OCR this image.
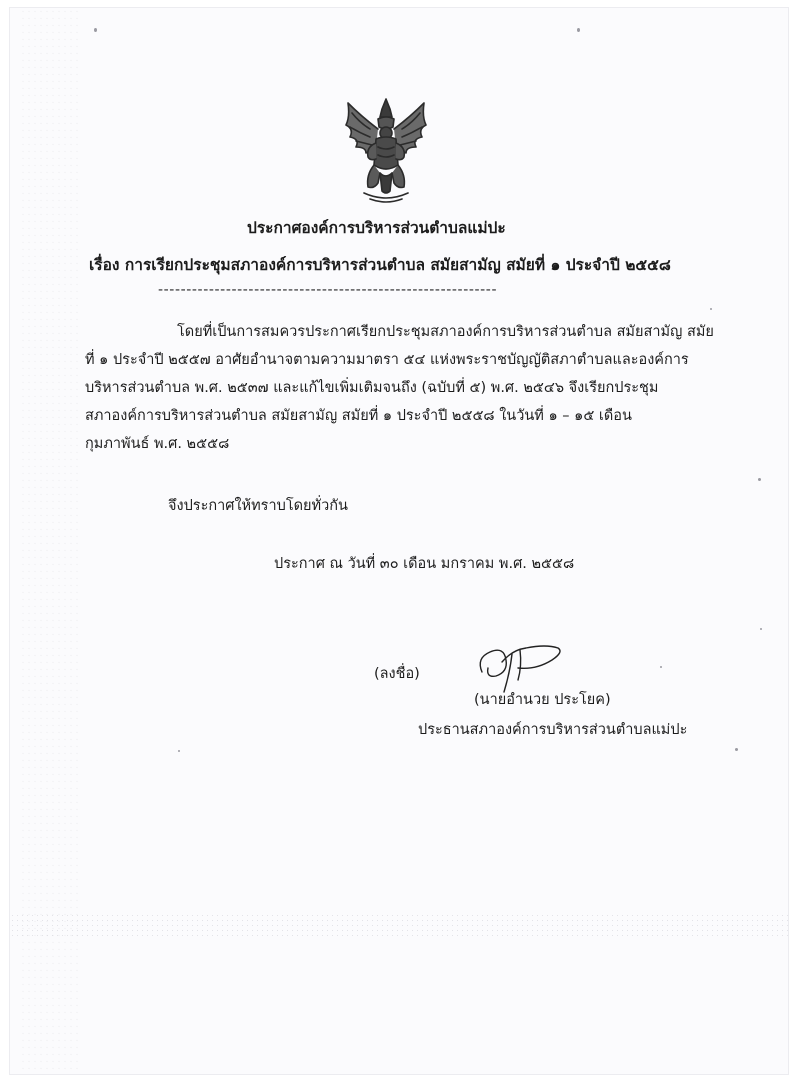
ประกาศองค์การบริหารส่วนตำบลแม่ปะ
เรื่อง การเรียกประชุมสภาองค์การบริหารส่วนตำบล สมัยสามัญ สมัยที่ ๑ ประจำปี ๒๕๕๘
------------------------------------------------------------
โดยที่เป็นการสมควรประกาศเรียกประชุมสภาองค์การบริหารส่วนตำบล สมัยสามัญ สมัย
ที่ ๑ ประจำปี ๒๕๕๗ อาศัยอำนาจตามความมาตรา ๕๔ แห่งพระราชบัญญัติสภาตำบลและองค์การ
บริหารส่วนตำบล พ.ศ. ๒๕๓๗ และแก้ไขเพิ่มเติมจนถึง (ฉบับที่ ๕) พ.ศ. ๒๕๔๖ จึงเรียกประชุม
สภาองค์การบริหารส่วนตำบล สมัยสามัญ สมัยที่ ๑ ประจำปี ๒๕๕๘ ในวันที่ ๑ – ๑๕ เดือน
กุมภาพันธ์ พ.ศ. ๒๕๕๘
จึงประกาศให้ทราบโดยทั่วกัน
ประกาศ ณ วันที่ ๓๐ เดือน มกราคม พ.ศ. ๒๕๕๘
(ลงชื่อ)
(นายอำนวย ประโยค)
ประธานสภาองค์การบริหารส่วนตำบลแม่ปะ
